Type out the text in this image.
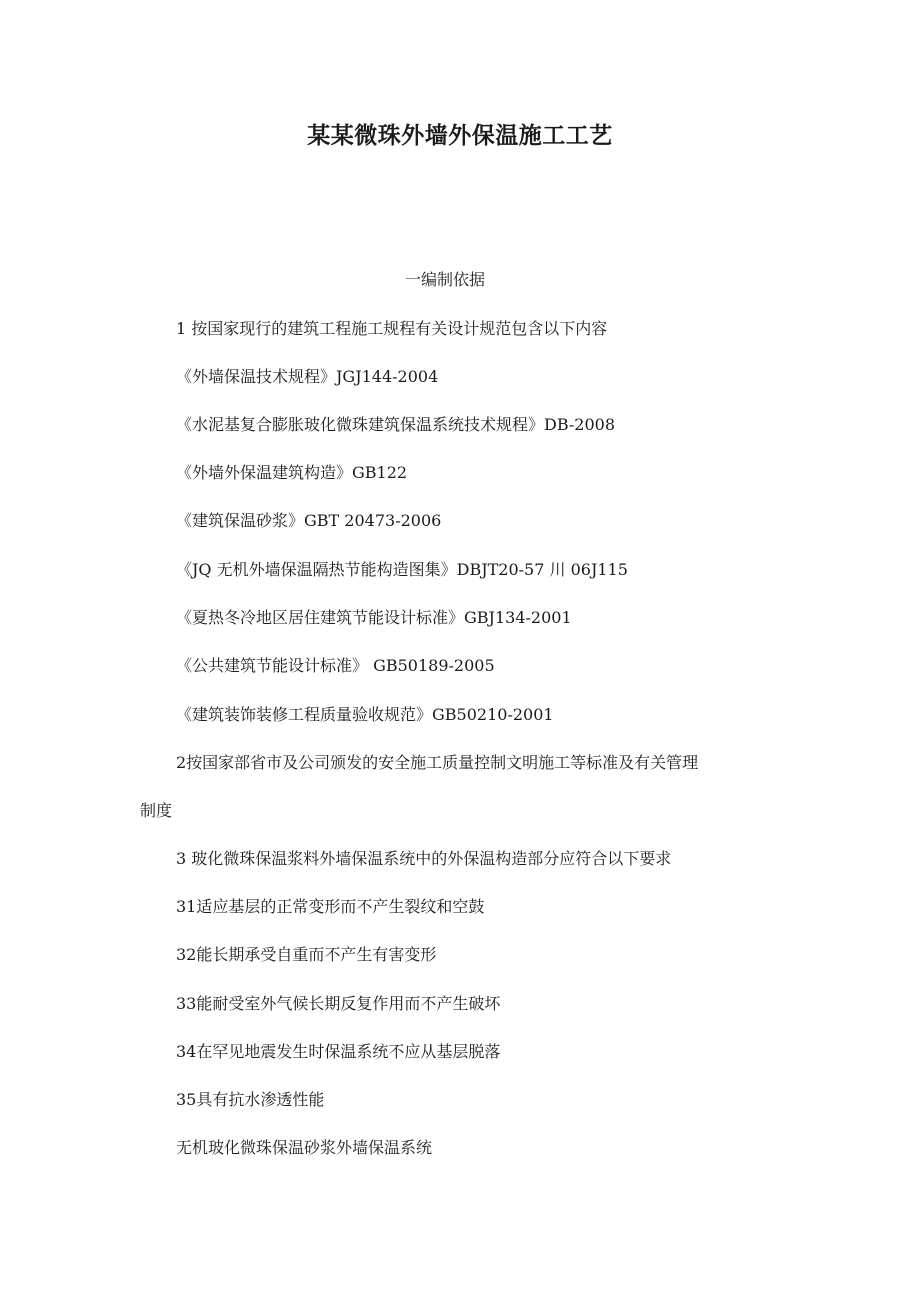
某某微珠外墙外保温施工工艺
一编制依据
1 按国家现行的建筑工程施工规程有关设计规范包含以下内容
《外墙保温技术规程》JGJ144-2004
《水泥基复合膨胀玻化微珠建筑保温系统技术规程》DB-2008
《外墙外保温建筑构造》GB122
《建筑保温砂浆》GBT 20473-2006
《JQ 无机外墙保温隔热节能构造图集》DBJT20-57 川 06J115
《夏热冬冷地区居住建筑节能设计标准》GBJ134-2001
《公共建筑节能设计标准》 GB50189-2005
《建筑装饰装修工程质量验收规范》GB50210-2001
2按国家部省市及公司颁发的安全施工质量控制文明施工等标准及有关管理
制度
3 玻化微珠保温浆料外墙保温系统中的外保温构造部分应符合以下要求
31适应基层的正常变形而不产生裂纹和空鼓
32能长期承受自重而不产生有害变形
33能耐受室外气候长期反复作用而不产生破坏
34在罕见地震发生时保温系统不应从基层脱落
35具有抗水渗透性能
无机玻化微珠保温砂浆外墙保温系统
